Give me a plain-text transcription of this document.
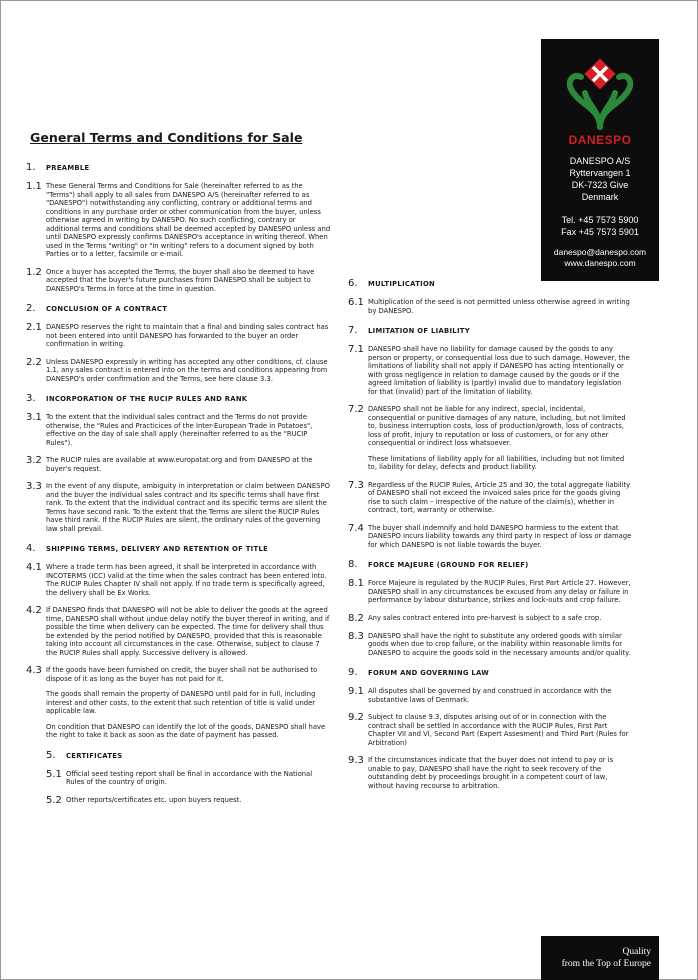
DANESPO
DANESPO A/S
Ryttervangen 1
DK-7323 Give
Denmark
Tel. +45 7573 5900
Fax +45 7573 5901
danespo@danespo.com
www.danespo.com
General Terms and Conditions for Sale
1.	PREAMBLE
1.1 These General Terms and Conditions for Sale (hereinafter referred to as the "Terms") shall apply to all sales from DANESPO A/S (hereinafter referred to as "DANESPO") notwithstanding any conflicting, contrary or additional terms and conditions in any purchase order or other communication from the buyer, unless otherwise agreed in writing by DANESPO. No such conflicting, contrary or additional terms and conditions shall be deemed accepted by DANESPO unless and until DANESPO expressly confirms DANESPO's acceptance in writing thereof. When used in the Terms "writing" or "in writing" refers to a document signed by both Parties or to a letter, facsimile or e-mail.

1.2 Once a buyer has accepted the Terms, the buyer shall also be deemed to have accepted that the buyer's future purchases from DANESPO shall be subject to DANESPO's Terms in force at the time in question.

2.	CONCLUSION OF A CONTRACT
2.1 DANESPO reserves the right to maintain that a final and binding sales contract has not been entered into until DANESPO has forwarded to the buyer an order confirmation in writing.

2.2 Unless DANESPO expressly in writing has accepted any other conditions, cf. clause 1.1, any sales contract is entered into on the terms and conditions appearing from DANESPO's order confirmation and the Terms, see here clause 3.3.

3.	INCORPORATION OF THE RUCIP RULES AND RANK
3.1 To the extent that the individual sales contract and the Terms do not provide otherwise, the "Rules and Practicices of the Inter-European Trade in Potatoes", effective on the day of sale shall apply (hereinafter referred to as the "RUCIP Rules").

3.2 The RUCIP rules are available at www.europatat.org and from DANESPO at the buyer's request.

3.3 In the event of any dispute, ambiguity in interpretation or claim between DANESPO and the buyer the individual sales contract and its specific terms shall have first rank. To the extent that the individual contract and its specific terms are silent the Terms have second rank. To the extent that the Terms are silent the RUCIP Rules have third rank. If the RUCIP Rules are silent, the ordinary rules of the governing law shall prevail.

4.	SHIPPING TERMS, DELIVERY AND RETENTION OF TITLE
4.1 Where a trade term has been agreed, it shall be interpreted in accordance with INCOTERMS (ICC) valid at the time when the sales contract has been entered into. The RUCIP Rules Chapter IV shall not apply. If no trade term is specifically agreed, the delivery shall be Ex Works.

4.2 If DANESPO finds that DANESPO will not be able to deliver the goods at the agreed time, DANESPO shall without undue delay notify the buyer thereof in writing, and if possible the time when delivery can be expected. The time for delivery shall thus be extended by the period notified by DANESPO, provided that this is reasonable taking into account all circumstances in the case. Otherwise, subject to clause 7 the RUCIP Rules shall apply. Successive delivery is allowed.

4.3 If the goods have been furnished on credit, the buyer shall not be authorised to dispose of it as long as the buyer has not paid for it.

The goods shall remain the property of DANESPO until paid for in full, including interest and other costs, to the extent that such retention of title is valid under applicable law.

On condition that DANESPO can identify the lot of the goods, DANESPO shall have the right to take it back as soon as the date of payment has passed.

5.	CERTIFICATES
5.1 Official seed testing report shall be final in accordance with the National Rules of the country of origin.

5.2 Other reports/certificates etc. upon buyers request.

6.	MULTIPLICATION
6.1 Multiplication of the seed is not permitted unless otherwise agreed in writing by DANESPO.

7.	LIMITATION OF LIABILITY
7.1 DANESPO shall have no liability for damage caused by the goods to any person or property, or consequential loss due to such damage. However, the limitations of liability shall not apply if DANESPO has acting intentionally or with gross negligence in relation to damage caused by the goods or if the agreed limitation of liability is (partly) invalid due to mandatory legislation for that (invalid) part of the limitation of liability.

7.2 DANESPO shall not be liable for any indirect, special, incidental, consequential or punitive damages of any nature, including, but not limited to, business interruption costs, loss of production/growth, loss of contracts, loss of profit, injury to reputation or loss of customers, or for any other consequential or indirect loss whatsoever.

These limitations of liability apply for all liabilities, including but not limited to, liability for delay, defects and product liability.

7.3 Regardless of the RUCIP Rules, Article 25 and 30, the total aggregate liability of DANESPO shall not exceed the invoiced sales price for the goods giving rise to such claim – irrespective of the nature of the claim(s), whether in contract, tort, warranty or otherwise.

7.4 The buyer shall indemnify and hold DANESPO harmless to the extent that DANESPO incurs liability towards any third party in respect of loss or damage for which DANESPO is not liable towards the buyer.

8.	FORCE MAJEURE (GROUND FOR RELIEF)
8.1 Force Majeure is regulated by the RUCIP Rules, First Part Article 27. However, DANESPO shall in any circumstances be excused from any delay or failure in performance by labour disturbance, strikes and lock-outs and crop failure.

8.2 Any sales contract entered into pre-harvest is subject to a safe crop.

8.3 DANESPO shall have the right to substitute any ordered goods with similar goods when due to crop failure, or the inability within reasonable limits for DANESPO to acquire the goods sold in the necessary amounts and/or quality.

9.	FORUM AND GOVERNING LAW
9.1 All disputes shall be governed by and construed in accordance with the substantive laws of Denmark.

9.2 Subject to clause 9.3, disputes arising out of or in connection with the contract shall be settled in accordance with the RUCIP Rules, First Part Chapter VII and VI, Second Part (Expert Assesment) and Third Part (Rules for Arbitration)

9.3 If the circumstances indicate that the buyer does not intend to pay or is unable to pay, DANESPO shall have the right to seek recovery of the outstanding debt by proceedings brought in a competent court of law, without having recourse to arbitration.

Quality
from the Top of Europe
